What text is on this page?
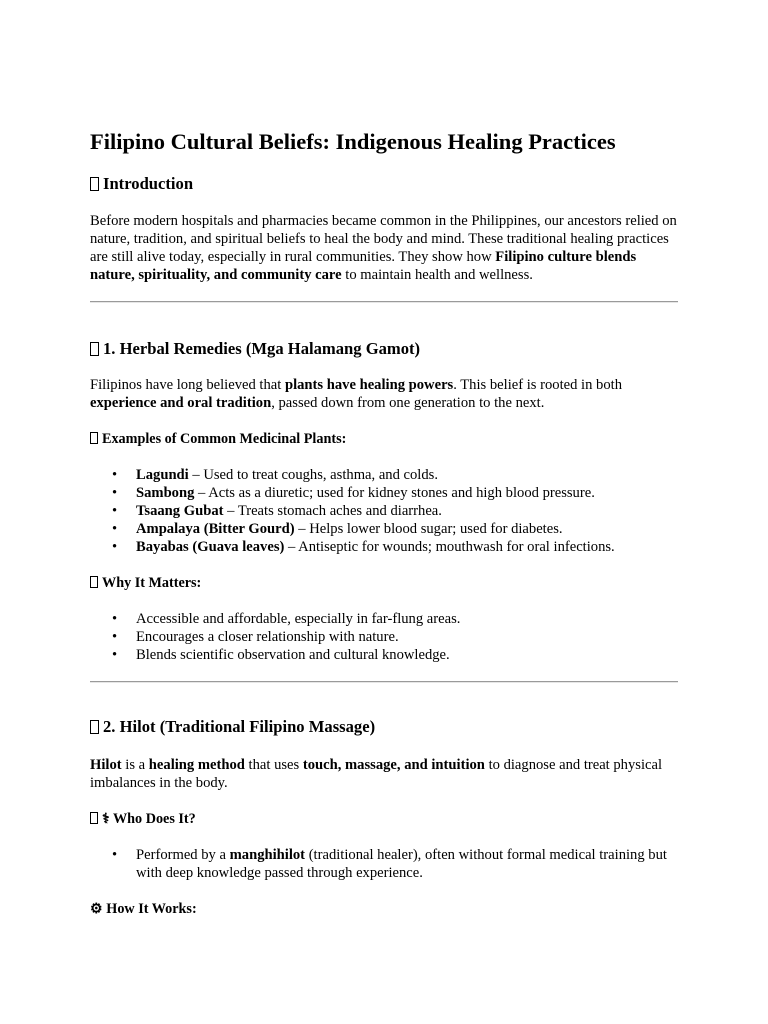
Filipino Cultural Beliefs: Indigenous Healing Practices
Introduction

Before modern hospitals and pharmacies became common in the Philippines, our ancestors relied on nature, tradition, and spiritual beliefs to heal the body and mind. These traditional healing practices are still alive today, especially in rural communities. They show how Filipino culture blends nature, spirituality, and community care to maintain health and wellness.

1. Herbal Remedies (Mga Halamang Gamot)

Filipinos have long believed that plants have healing powers. This belief is rooted in both experience and oral tradition, passed down from one generation to the next.

Examples of Common Medicinal Plants:
• Lagundi – Used to treat coughs, asthma, and colds.
• Sambong – Acts as a diuretic; used for kidney stones and high blood pressure.
• Tsaang Gubat – Treats stomach aches and diarrhea.
• Ampalaya (Bitter Gourd) – Helps lower blood sugar; used for diabetes.
• Bayabas (Guava leaves) – Antiseptic for wounds; mouthwash for oral infections.
Why It Matters:
• Accessible and affordable, especially in far-flung areas.
• Encourages a closer relationship with nature.
• Blends scientific observation and cultural knowledge.
2. Hilot (Traditional Filipino Massage)

Hilot is a healing method that uses touch, massage, and intuition to diagnose and treat physical imbalances in the body.

⚕ Who Does It?
• Performed by a manghihilot (traditional healer), often without formal medical training but with deep knowledge passed through experience.
⚙ How It Works:
